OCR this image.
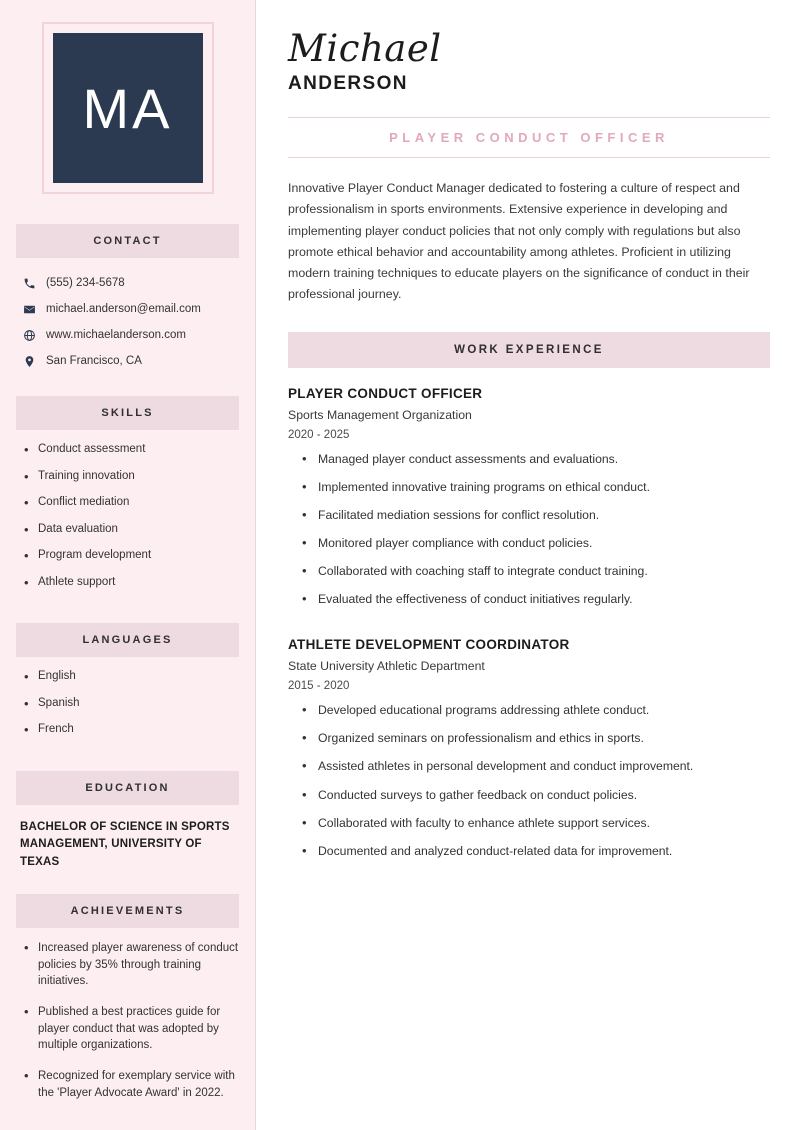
MA
CONTACT
(555) 234-5678
michael.anderson@email.com
www.michaelanderson.com
San Francisco, CA
SKILLS
• Conduct assessment
• Training innovation
• Conflict mediation
• Data evaluation
• Program development
• Athlete support
LANGUAGES
• English
• Spanish
• French
EDUCATION
BACHELOR OF SCIENCE IN SPORTS MANAGEMENT, UNIVERSITY OF TEXAS
ACHIEVEMENTS
• Increased player awareness of conduct policies by 35% through training initiatives.
• Published a best practices guide for player conduct that was adopted by multiple organizations.
• Recognized for exemplary service with the 'Player Advocate Award' in 2022.
Michael
ANDERSON
PLAYER CONDUCT OFFICER

Innovative Player Conduct Manager dedicated to fostering a culture of respect and professionalism in sports environments. Extensive experience in developing and implementing player conduct policies that not only comply with regulations but also promote ethical behavior and accountability among athletes. Proficient in utilizing modern training techniques to educate players on the significance of conduct in their professional journey.

WORK EXPERIENCE
PLAYER CONDUCT OFFICER
Sports Management Organization
2020 - 2025
• Managed player conduct assessments and evaluations.
• Implemented innovative training programs on ethical conduct.
• Facilitated mediation sessions for conflict resolution.
• Monitored player compliance with conduct policies.
• Collaborated with coaching staff to integrate conduct training.
• Evaluated the effectiveness of conduct initiatives regularly.
ATHLETE DEVELOPMENT COORDINATOR
State University Athletic Department
2015 - 2020
• Developed educational programs addressing athlete conduct.
• Organized seminars on professionalism and ethics in sports.
• Assisted athletes in personal development and conduct improvement.
• Conducted surveys to gather feedback on conduct policies.
• Collaborated with faculty to enhance athlete support services.
• Documented and analyzed conduct-related data for improvement.
